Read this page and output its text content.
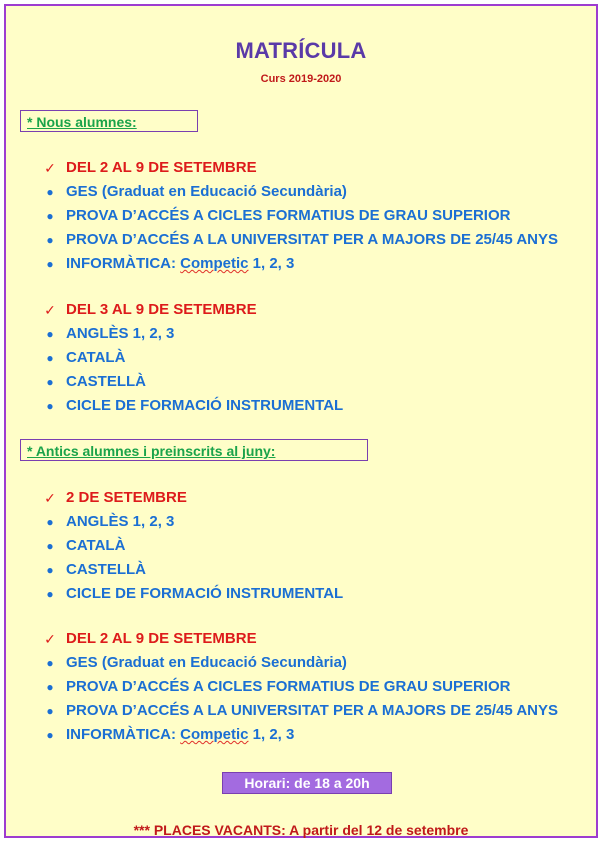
MATRÍCULA
Curs 2019-2020
* Nous alumnes:
✓ DEL 2 AL 9 DE SETEMBRE
● GES (Graduat en Educació Secundària)
● PROVA D’ACCÉS A CICLES FORMATIUS DE GRAU SUPERIOR
● PROVA D’ACCÉS A LA UNIVERSITAT PER A MAJORS DE 25/45 ANYS
● INFORMÀTICA: Competic 1, 2, 3
✓ DEL 3 AL 9 DE SETEMBRE
● ANGLÈS 1, 2, 3
● CATALÀ
● CASTELLÀ
● CICLE DE FORMACIÓ INSTRUMENTAL
* Antics alumnes i preinscrits al juny:
✓ 2 DE SETEMBRE
● ANGLÈS 1, 2, 3
● CATALÀ
● CASTELLÀ
● CICLE DE FORMACIÓ INSTRUMENTAL
✓ DEL 2 AL 9 DE SETEMBRE
● GES (Graduat en Educació Secundària)
● PROVA D’ACCÉS A CICLES FORMATIUS DE GRAU SUPERIOR
● PROVA D’ACCÉS A LA UNIVERSITAT PER A MAJORS DE 25/45 ANYS
● INFORMÀTICA: Competic 1, 2, 3
Horari: de 18 a 20h
*** PLACES VACANTS: A partir del 12 de setembre
